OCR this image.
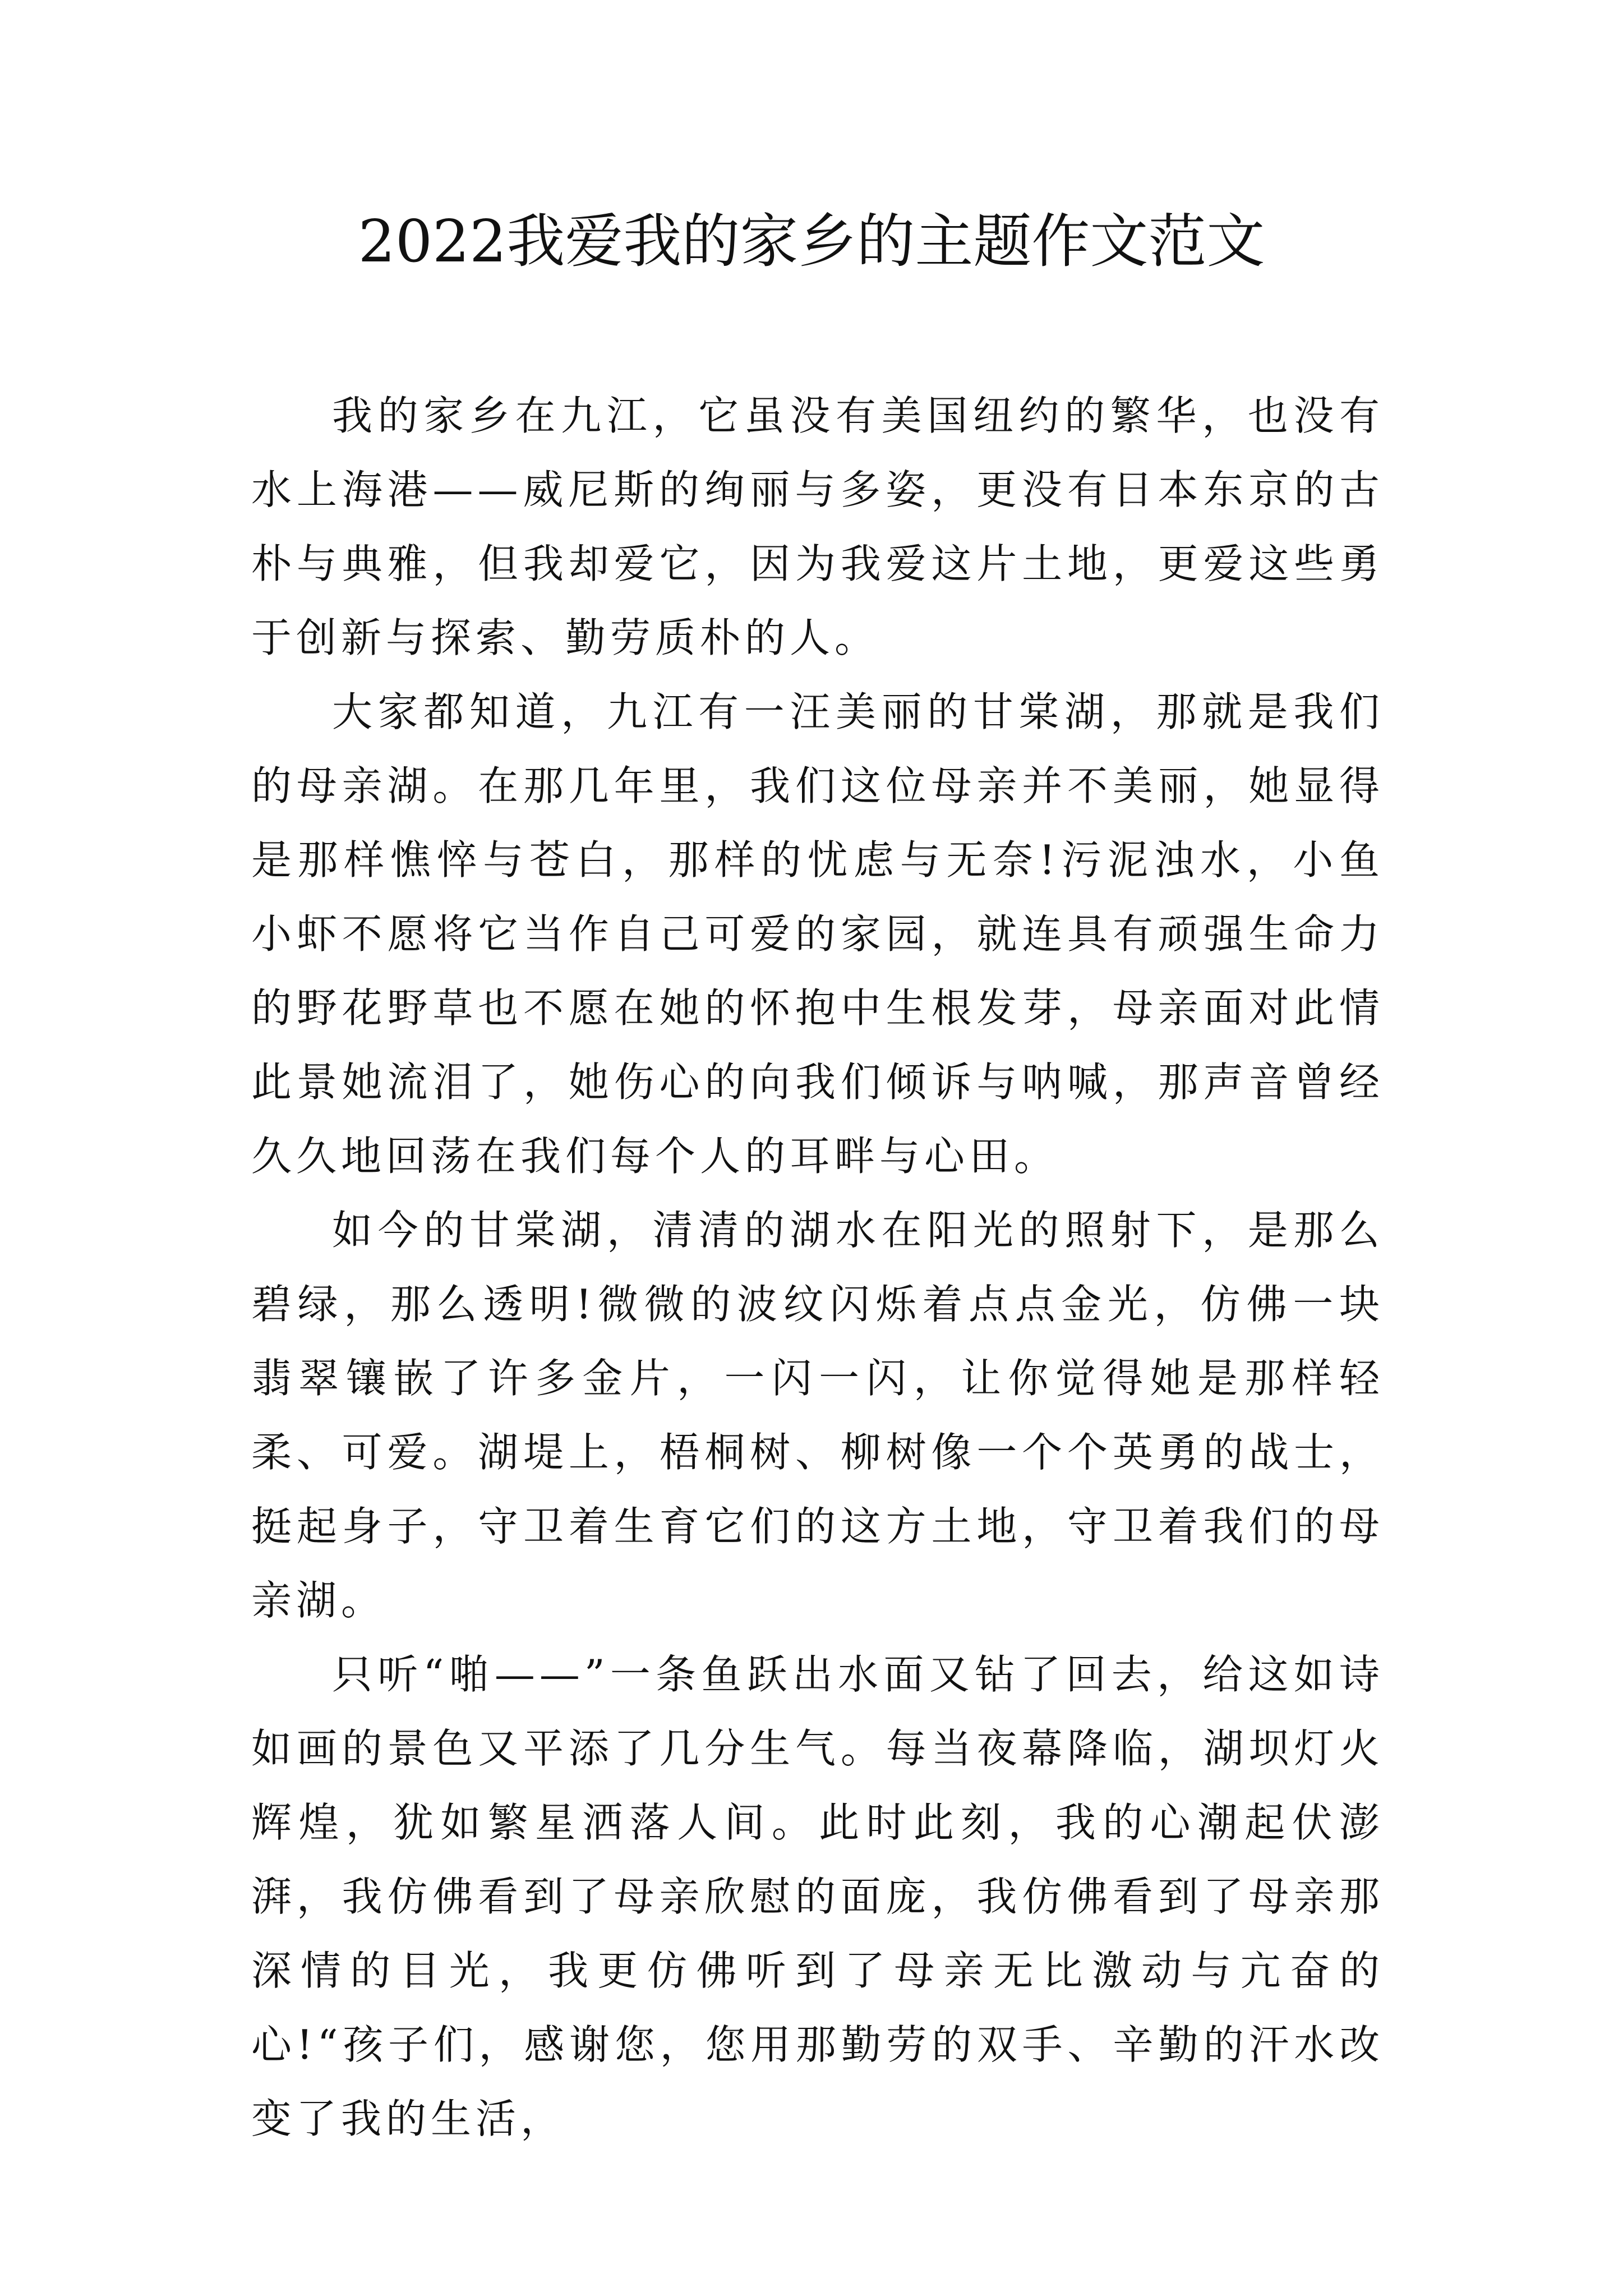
2022我爱我的家乡的主题作文范文

我的家乡在九江，它虽没有美国纽约的繁华，也没有水上海港——威尼斯的绚丽与多姿，更没有日本东京的古朴与典雅，但我却爱它，因为我爱这片土地，更爱这些勇于创新与探索、勤劳质朴的人。

大家都知道，九江有一汪美丽的甘棠湖，那就是我们的母亲湖。在那几年里，我们这位母亲并不美丽，她显得是那样憔悴与苍白，那样的忧虑与无奈!污泥浊水，小鱼小虾不愿将它当作自己可爱的家园，就连具有顽强生命力的野花野草也不愿在她的怀抱中生根发芽，母亲面对此情此景她流泪了，她伤心的向我们倾诉与呐喊，那声音曾经久久地回荡在我们每个人的耳畔与心田。

如今的甘棠湖，清清的湖水在阳光的照射下，是那么碧绿，那么透明!微微的波纹闪烁着点点金光，仿佛一块翡翠镶嵌了许多金片，一闪一闪，让你觉得她是那样轻柔、可爱。湖堤上，梧桐树、柳树像一个个英勇的战士，挺起身子，守卫着生育它们的这方土地，守卫着我们的母亲湖。

只听“啪——”一条鱼跃出水面又钻了回去，给这如诗如画的景色又平添了几分生气。每当夜幕降临，湖坝灯火辉煌，犹如繁星洒落人间。此时此刻，我的心潮起伏澎湃，我仿佛看到了母亲欣慰的面庞，我仿佛看到了母亲那深情的目光，我更仿佛听到了母亲无比激动与亢奋的心!“孩子们，感谢您，您用那勤劳的双手、辛勤的汗水改变了我的生活，
